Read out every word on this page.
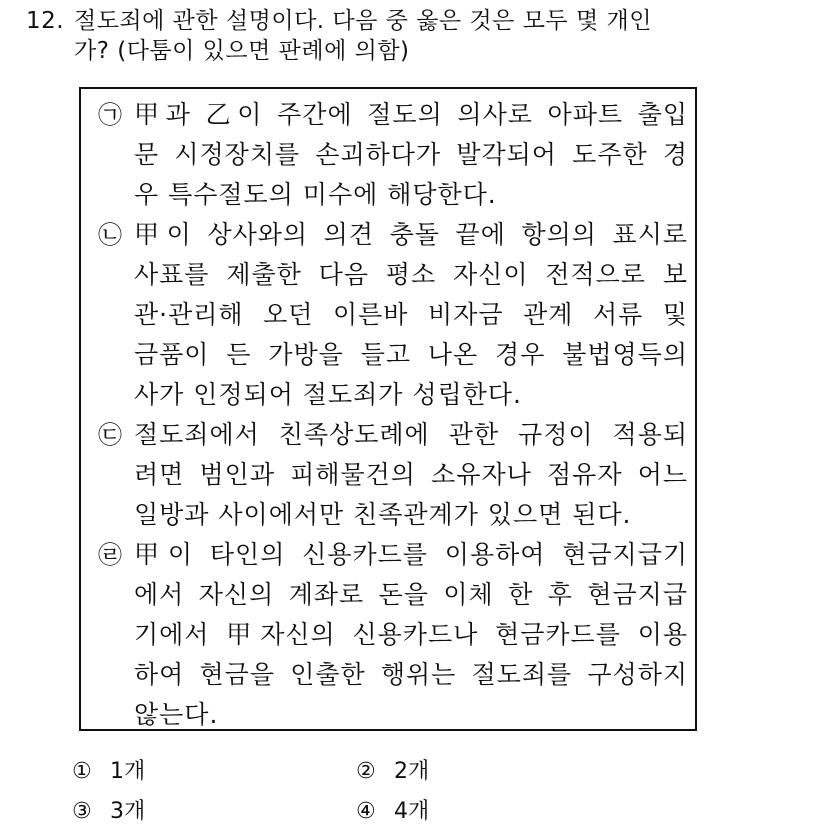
12. 절도죄에 관한 설명이다. 다음 중 옳은 것은 모두 몇 개인
가? (다툼이 있으면 판례에 의함)
㉠ 甲과 乙이 주간에 절도의 의사로 아파트 출입
문 시정장치를 손괴하다가 발각되어 도주한 경
우 특수절도의 미수에 해당한다.
㉡ 甲이 상사와의 의견 충돌 끝에 항의의 표시로
사표를 제출한 다음 평소 자신이 전적으로 보
관·관리해 오던 이른바 비자금 관계 서류 및
금품이 든 가방을 들고 나온 경우 불법영득의
사가 인정되어 절도죄가 성립한다.
㉢ 절도죄에서 친족상도례에 관한 규정이 적용되
려면 범인과 피해물건의 소유자나 점유자 어느
일방과 사이에서만 친족관계가 있으면 된다.
㉣ 甲이 타인의 신용카드를 이용하여 현금지급기
에서 자신의 계좌로 돈을 이체 한 후 현금지급
기에서 甲자신의 신용카드나 현금카드를 이용
하여 현금을 인출한 행위는 절도죄를 구성하지
않는다.
① 1개	② 2개
③ 3개	④ 4개
